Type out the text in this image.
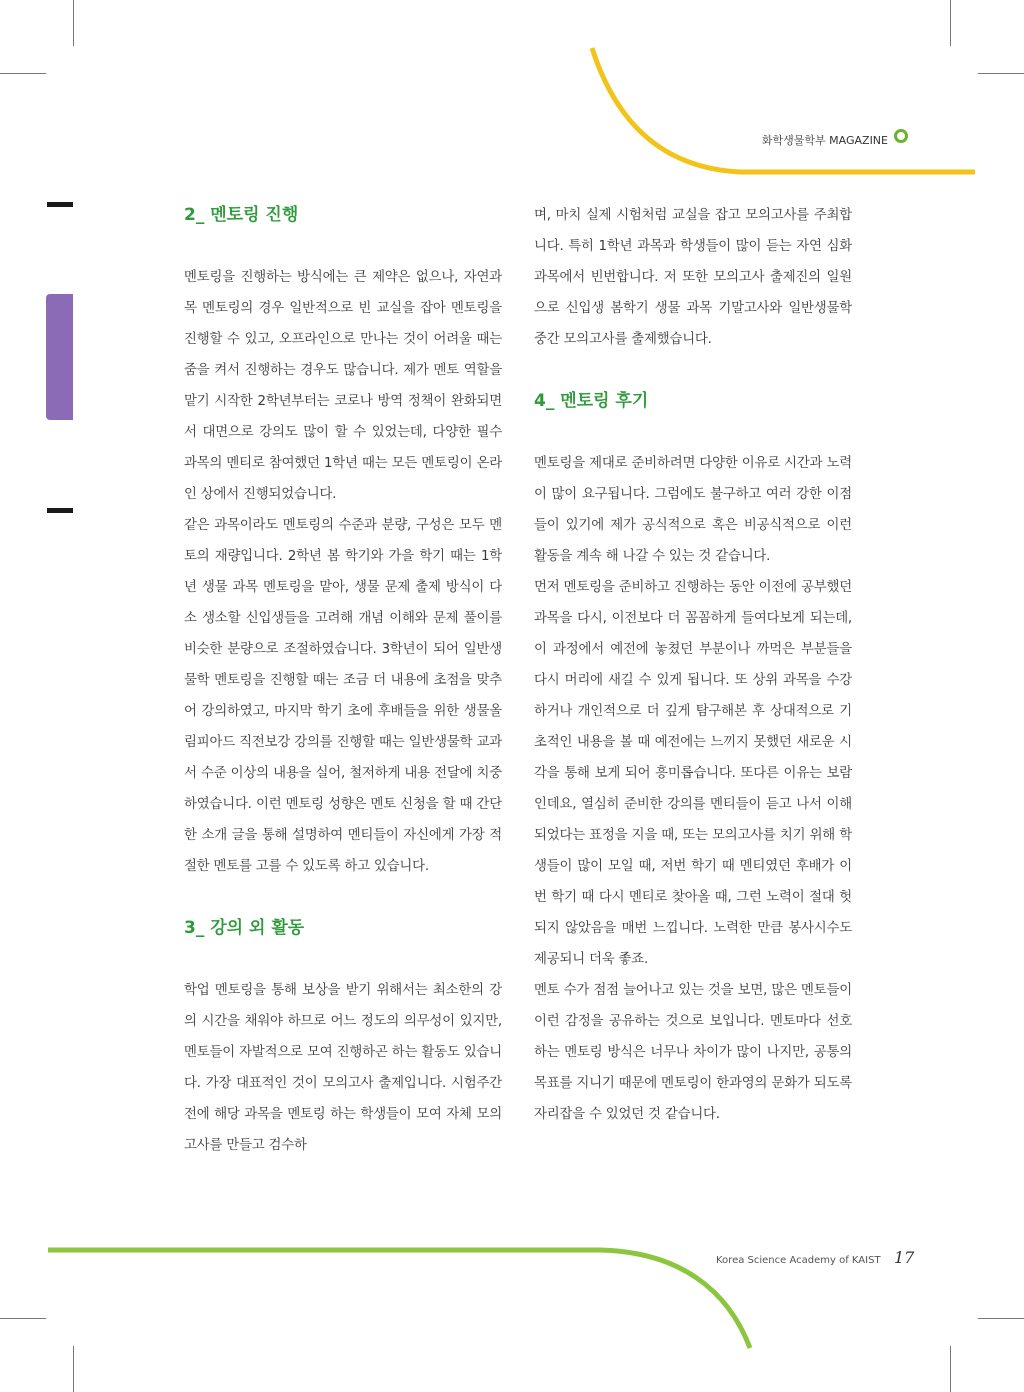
화학생물학부 MAGAZINE
2_ 멘토링 진행

멘토링을 진행하는 방식에는 큰 제약은 없으나, 자연과목 멘토링의 경우 일반적으로 빈 교실을 잡아 멘토링을 진행할 수 있고, 오프라인으로 만나는 것이 어려울 때는 줌을 켜서 진행하는 경우도 많습니다. 제가 멘토 역할을 맡기 시작한 2학년부터는 코로나 방역 정책이 완화되면서 대면으로 강의도 많이 할 수 있었는데, 다양한 필수 과목의 멘티로 참여했던 1학년 때는 모든 멘토링이 온라인 상에서 진행되었습니다.

같은 과목이라도 멘토링의 수준과 분량, 구성은 모두 멘토의 재량입니다. 2학년 봄 학기와 가을 학기 때는 1학년 생물 과목 멘토링을 맡아, 생물 문제 출제 방식이 다소 생소할 신입생들을 고려해 개념 이해와 문제 풀이를 비슷한 분량으로 조절하였습니다. 3학년이 되어 일반생물학 멘토링을 진행할 때는 조금 더 내용에 초점을 맞추어 강의하였고, 마지막 학기 초에 후배들을 위한 생물올림피아드 직전보강 강의를 진행할 때는 일반생물학 교과서 수준 이상의 내용을 실어, 철저하게 내용 전달에 치중하였습니다. 이런 멘토링 성향은 멘토 신청을 할 때 간단한 소개 글을 통해 설명하여 멘티들이 자신에게 가장 적절한 멘토를 고를 수 있도록 하고 있습니다.

3_ 강의 외 활동

학업 멘토링을 통해 보상을 받기 위해서는 최소한의 강의 시간을 채워야 하므로 어느 정도의 의무성이 있지만, 멘토들이 자발적으로 모여 진행하곤 하는 활동도 있습니다. 가장 대표적인 것이 모의고사 출제입니다. 시험주간 전에 해당 과목을 멘토링 하는 학생들이 모여 자체 모의고사를 만들고 검수하

며, 마치 실제 시험처럼 교실을 잡고 모의고사를 주최합니다. 특히 1학년 과목과 학생들이 많이 듣는 자연 심화과목에서 빈번합니다. 저 또한 모의고사 출제진의 일원으로 신입생 봄학기 생물 과목 기말고사와 일반생물학 중간 모의고사를 출제했습니다.

4_ 멘토링 후기

멘토링을 제대로 준비하려면 다양한 이유로 시간과 노력이 많이 요구됩니다. 그럼에도 불구하고 여러 강한 이점들이 있기에 제가 공식적으로 혹은 비공식적으로 이런 활동을 계속 해 나갈 수 있는 것 같습니다.

먼저 멘토링을 준비하고 진행하는 동안 이전에 공부했던 과목을 다시, 이전보다 더 꼼꼼하게 들여다보게 되는데, 이 과정에서 예전에 놓쳤던 부분이나 까먹은 부분들을 다시 머리에 새길 수 있게 됩니다. 또 상위 과목을 수강하거나 개인적으로 더 깊게 탐구해본 후 상대적으로 기초적인 내용을 볼 때 예전에는 느끼지 못했던 새로운 시각을 통해 보게 되어 흥미롭습니다. 또다른 이유는 보람인데요, 열심히 준비한 강의를 멘티들이 듣고 나서 이해되었다는 표정을 지을 때, 또는 모의고사를 치기 위해 학생들이 많이 모일 때, 저번 학기 때 멘티였던 후배가 이번 학기 때 다시 멘티로 찾아올 때, 그런 노력이 절대 헛되지 않았음을 매번 느낍니다. 노력한 만큼 봉사시수도 제공되니 더욱 좋죠.

멘토 수가 점점 늘어나고 있는 것을 보면, 많은 멘토들이 이런 감정을 공유하는 것으로 보입니다. 멘토마다 선호하는 멘토링 방식은 너무나 차이가 많이 나지만, 공통의 목표를 지니기 때문에 멘토링이 한과영의 문화가 되도록 자리잡을 수 있었던 것 같습니다.

Korea Science Academy of KAIST 17
